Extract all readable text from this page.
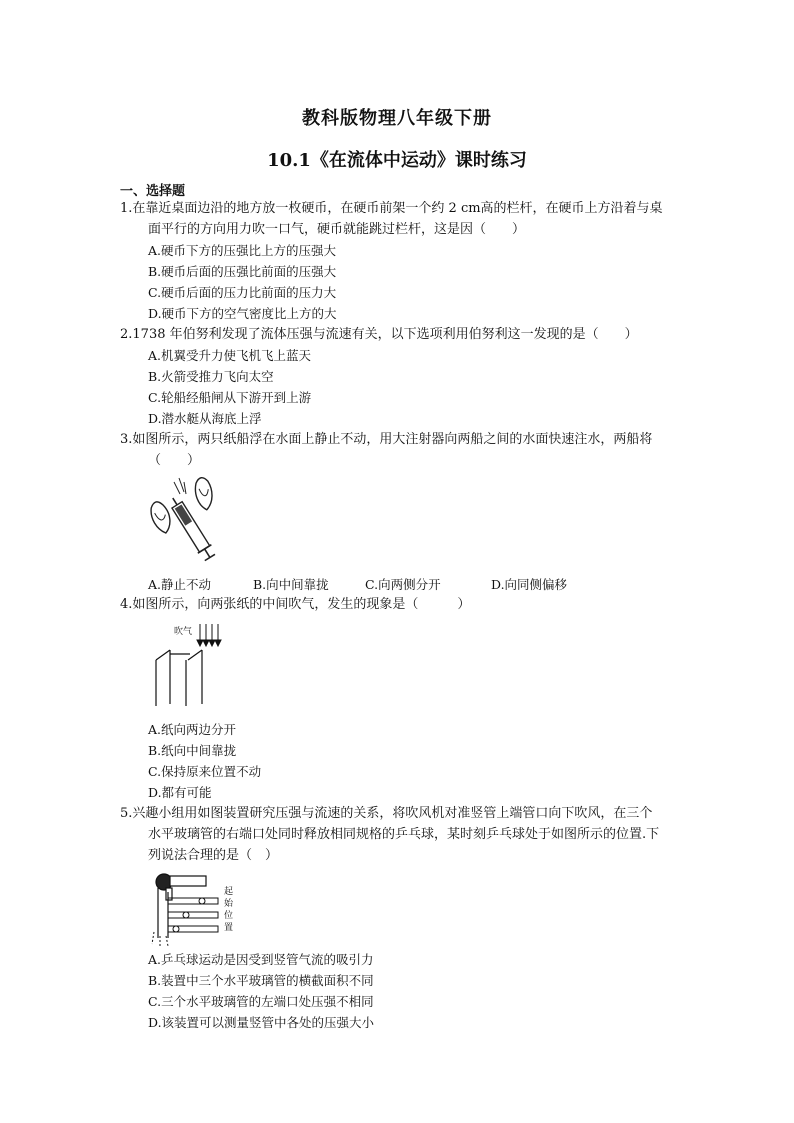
教科版物理八年级下册
10.1《在流体中运动》课时练习
一、选择题
1.在靠近桌面边沿的地方放一枚硬币，在硬币前架一个约 2 cm高的栏杆，在硬币上方沿着与桌
面平行的方向用力吹一口气，硬币就能跳过栏杆，这是因（　　）
A.硬币下方的压强比上方的压强大
B.硬币后面的压强比前面的压强大
C.硬币后面的压力比前面的压力大
D.硬币下方的空气密度比上方的大
2.1738 年伯努利发现了流体压强与流速有关，以下选项利用伯努利这一发现的是（　　）
A.机翼受升力使飞机飞上蓝天
B.火箭受推力飞向太空
C.轮船经船闸从下游开到上游
D.潜水艇从海底上浮
3.如图所示，两只纸船浮在水面上静止不动，用大注射器向两船之间的水面快速注水，两船将
（　　）
A.静止不动	B.向中间靠拢	C.向两侧分开	D.向同侧偏移
4.如图所示，向两张纸的中间吹气，发生的现象是（　　　）
吹气
A.纸向两边分开
B.纸向中间靠拢
C.保持原来位置不动
D.都有可能
5.兴趣小组用如图装置研究压强与流速的关系，将吹风机对准竖管上端管口向下吹风，在三个
水平玻璃管的右端口处同时释放相同规格的乒乓球，某时刻乒乓球处于如图所示的位置.下
列说法合理的是（　）
起
始
位
置
A.乒乓球运动是因受到竖管气流的吸引力
B.装置中三个水平玻璃管的横截面积不同
C.三个水平玻璃管的左端口处压强不相同
D.该装置可以测量竖管中各处的压强大小
